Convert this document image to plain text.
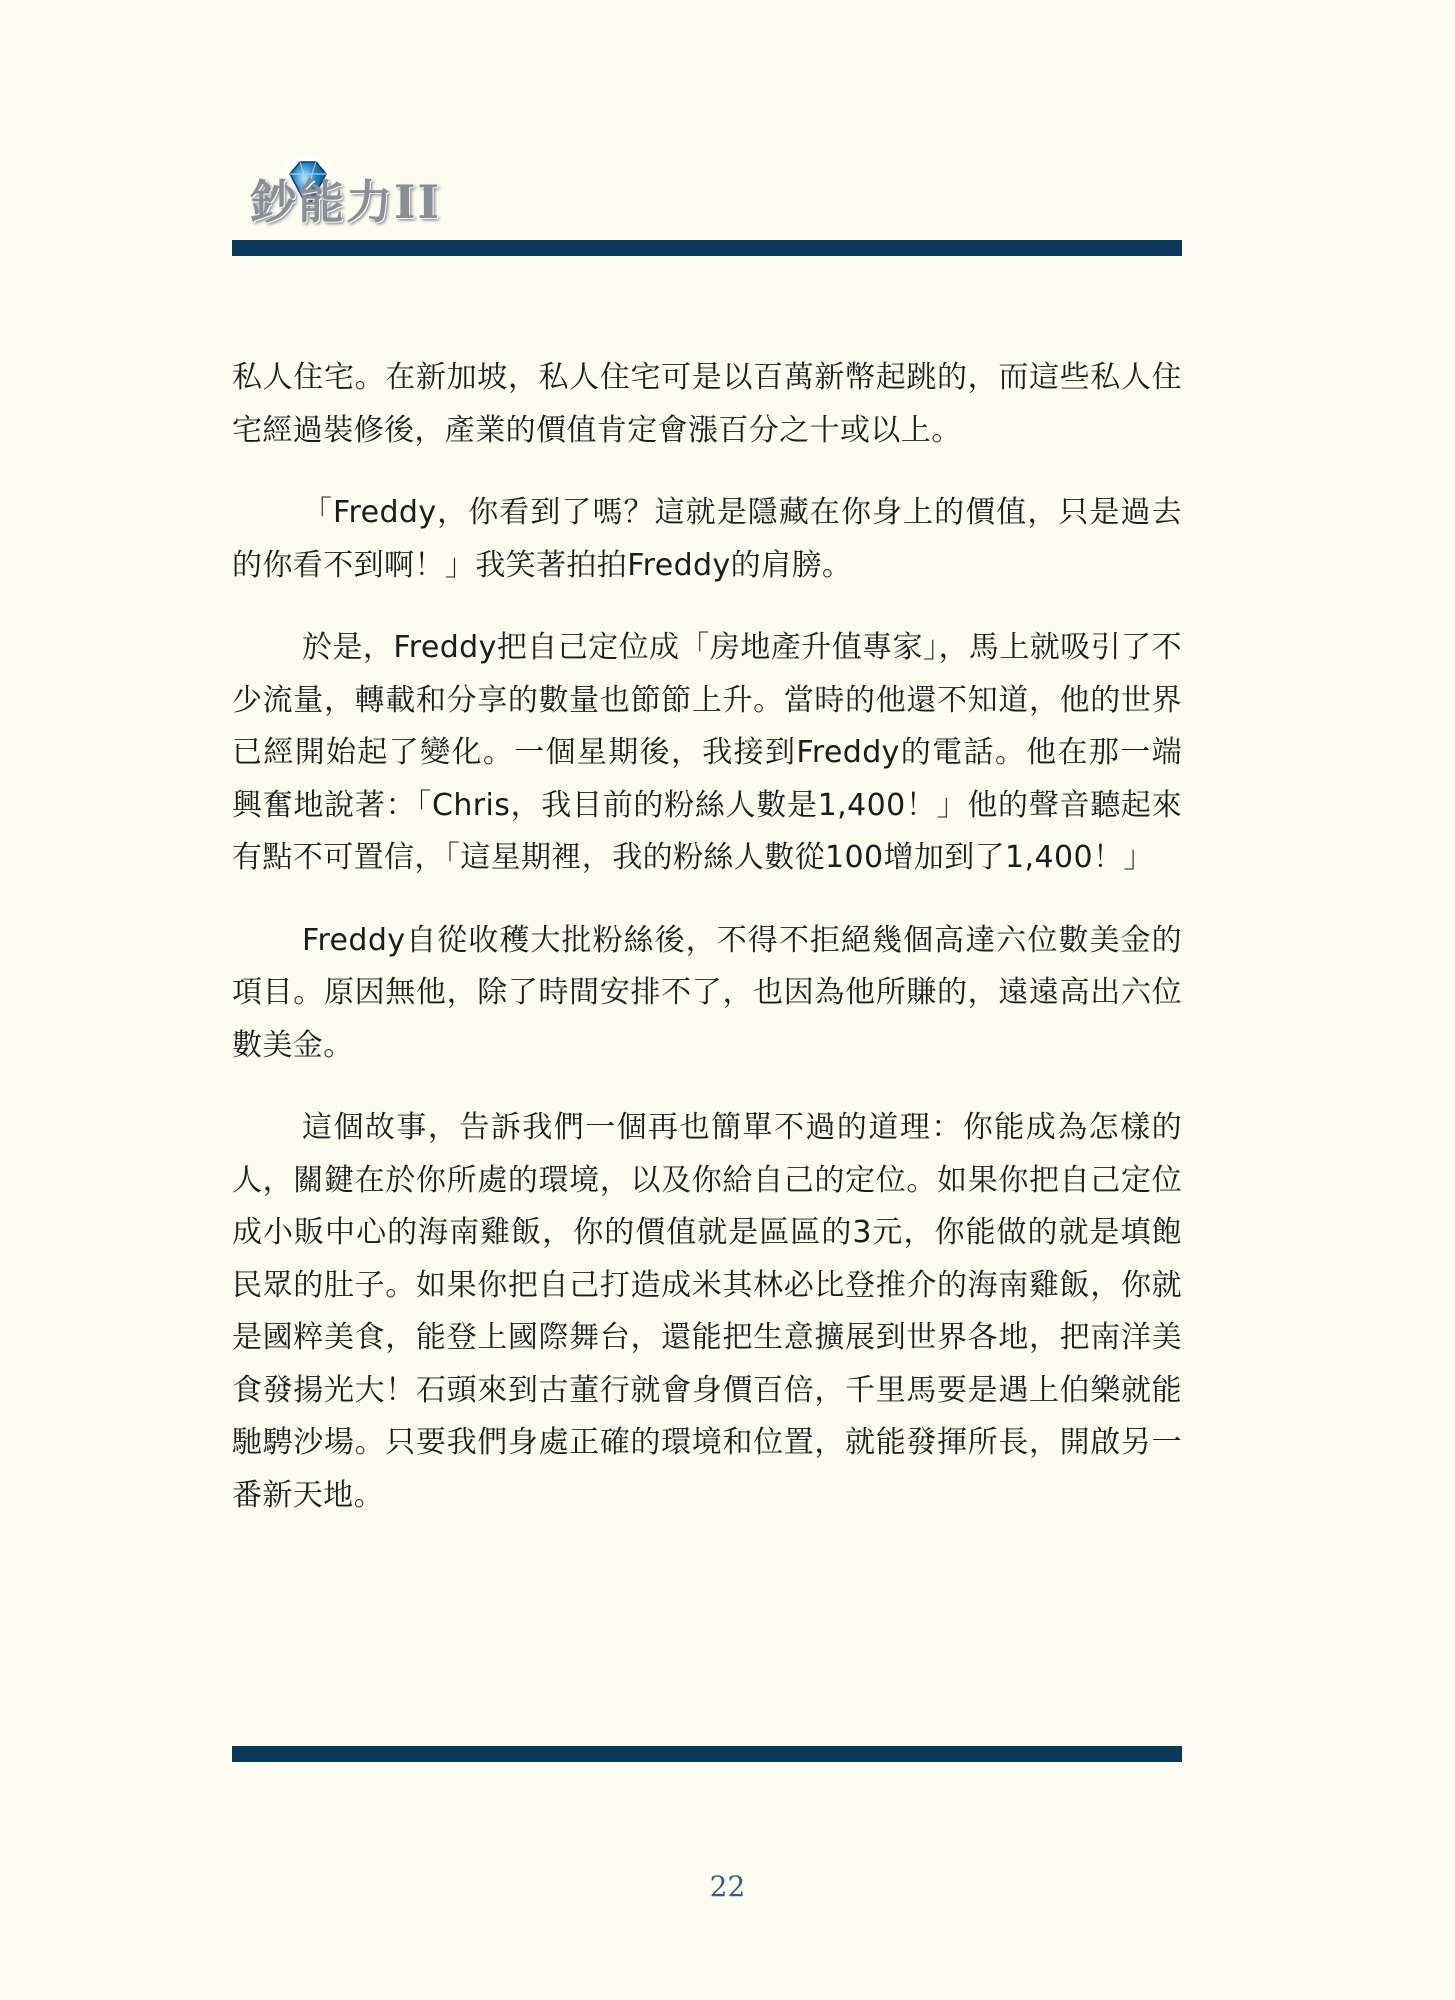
鈔能力II

私人住宅。在新加坡，私人住宅可是以百萬新幣起跳的，而這些私人住宅經過裝修後，產業的價值肯定會漲百分之十或以上。

「Freddy，你看到了嗎？這就是隱藏在你身上的價值，只是過去的你看不到啊！」我笑著拍拍Freddy的肩膀。

於是，Freddy把自己定位成「房地產升值專家」，馬上就吸引了不少流量，轉載和分享的數量也節節上升。當時的他還不知道，他的世界已經開始起了變化。一個星期後，我接到Freddy的電話。他在那一端興奮地說著：「Chris，我目前的粉絲人數是1,400！」他的聲音聽起來有點不可置信，「這星期裡，我的粉絲人數從100增加到了1,400！」

Freddy自從收穫大批粉絲後，不得不拒絕幾個高達六位數美金的項目。原因無他，除了時間安排不了，也因為他所賺的，遠遠高出六位數美金。

這個故事，告訴我們一個再也簡單不過的道理：你能成為怎樣的人，關鍵在於你所處的環境，以及你給自己的定位。如果你把自己定位成小販中心的海南雞飯，你的價值就是區區的3元，你能做的就是填飽民眾的肚子。如果你把自己打造成米其林必比登推介的海南雞飯，你就是國粹美食，能登上國際舞台，還能把生意擴展到世界各地，把南洋美食發揚光大！石頭來到古董行就會身價百倍，千里馬要是遇上伯樂就能馳騁沙場。只要我們身處正確的環境和位置，就能發揮所長，開啟另一番新天地。

22
